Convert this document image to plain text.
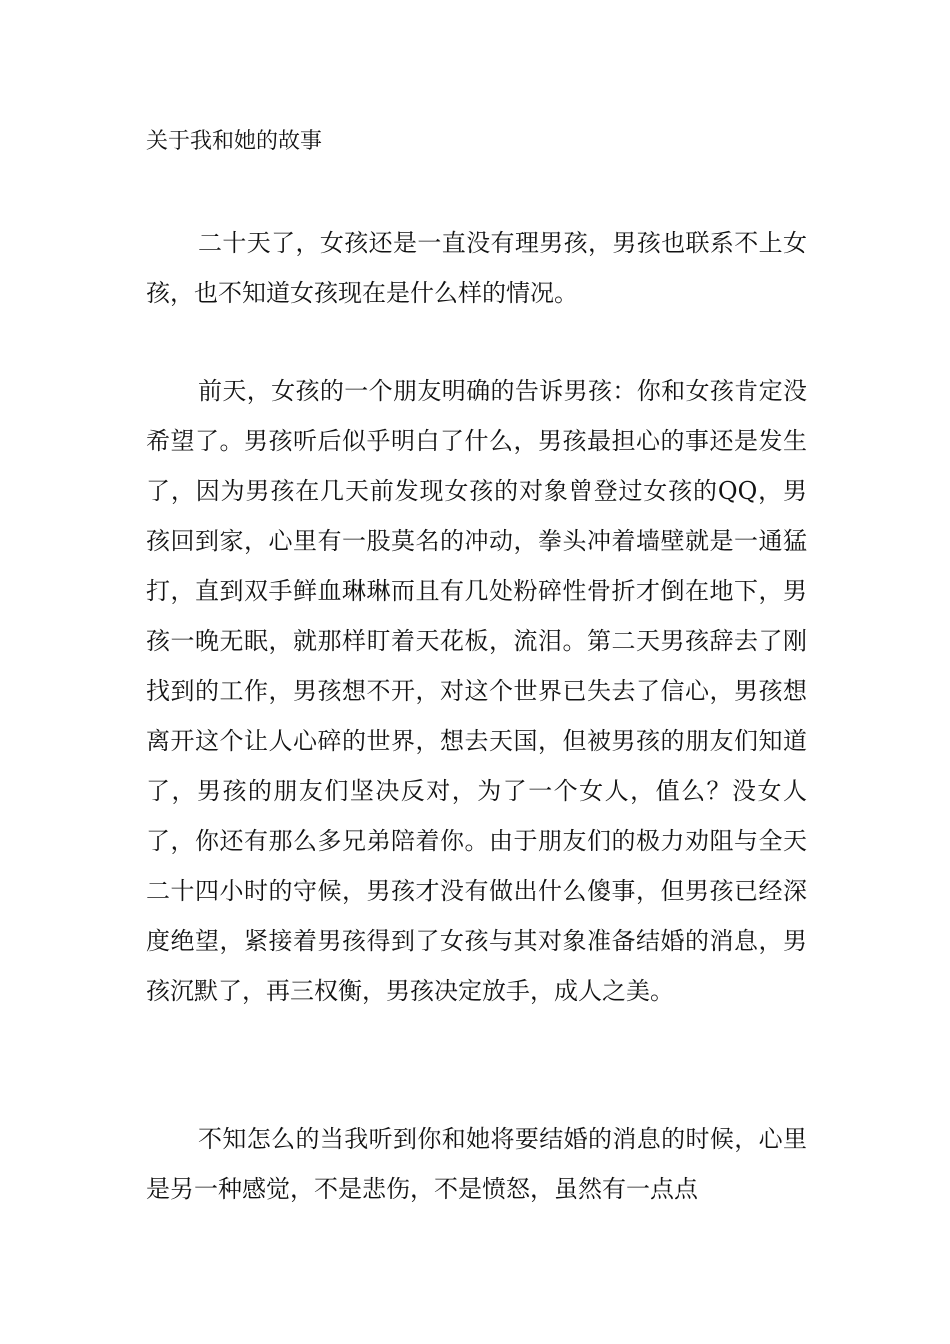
关于我和她的故事

二十天了，女孩还是一直没有理男孩，男孩也联系不上女孩，也不知道女孩现在是什么样的情况。

前天，女孩的一个朋友明确的告诉男孩：你和女孩肯定没希望了。男孩听后似乎明白了什么，男孩最担心的事还是发生了，因为男孩在几天前发现女孩的对象曾登过女孩的QQ，男孩回到家，心里有一股莫名的冲动，拳头冲着墙壁就是一通猛打，直到双手鲜血琳琳而且有几处粉碎性骨折才倒在地下，男孩一晚无眠，就那样盯着天花板，流泪。第二天男孩辞去了刚找到的工作，男孩想不开，对这个世界已失去了信心，男孩想离开这个让人心碎的世界，想去天国，但被男孩的朋友们知道了，男孩的朋友们坚决反对，为了一个女人，值么？没女人了，你还有那么多兄弟陪着你。由于朋友们的极力劝阻与全天二十四小时的守候，男孩才没有做出什么傻事，但男孩已经深度绝望，紧接着男孩得到了女孩与其对象准备结婚的消息，男孩沉默了，再三权衡，男孩决定放手，成人之美。

不知怎么的当我听到你和她将要结婚的消息的时候，心里是另一种感觉，不是悲伤，不是愤怒，虽然有一点点
